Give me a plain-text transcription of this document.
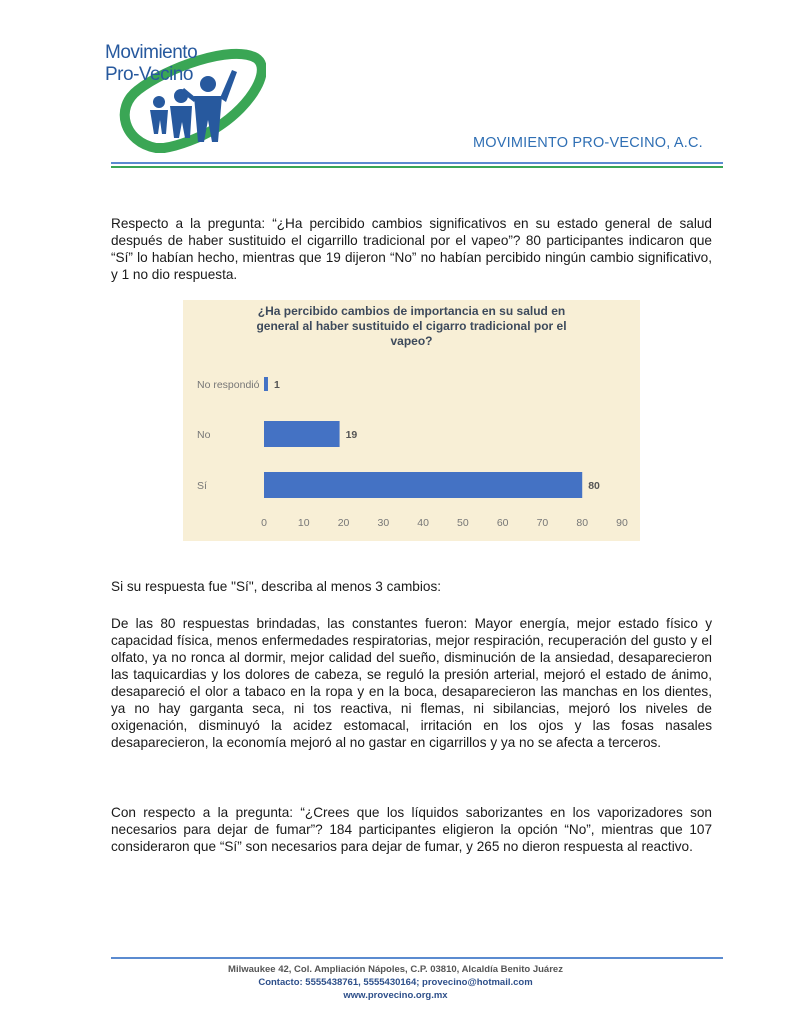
Movimiento
Pro-Vecino
MOVIMIENTO PRO-VECINO, A.C.
Respecto a la pregunta: “¿Ha percibido cambios significativos en su estado general de salud después de haber sustituido el cigarrillo tradicional por el vapeo”? 80 participantes indicaron que “Sí” lo habían hecho, mientras que 19 dijeron “No” no habían percibido ningún cambio significativo, y 1 no dio respuesta.
¿Ha percibido cambios de importancia en su salud en
general al haber sustituido el cigarro tradicional por el
vapeo?
No respondió 1
No	19
Sí	80
0	10	20	30	40	50	60	70	80	90
Si su respuesta fue "Sí", describa al menos 3 cambios:
De las 80 respuestas brindadas, las constantes fueron: Mayor energía, mejor estado físico y capacidad física, menos enfermedades respiratorias, mejor respiración, recuperación del gusto y el olfato, ya no ronca al dormir, mejor calidad del sueño, disminución de la ansiedad, desaparecieron las taquicardias y los dolores de cabeza, se reguló la presión arterial, mejoró el estado de ánimo, desapareció el olor a tabaco en la ropa y en la boca, desaparecieron las manchas en los dientes, ya no hay garganta seca, ni tos reactiva, ni flemas, ni sibilancias, mejoró los niveles de oxigenación, disminuyó la acidez estomacal, irritación en los ojos y las fosas nasales desaparecieron, la economía mejoró al no gastar en cigarrillos y ya no se afecta a terceros.
Con respecto a la pregunta: “¿Crees que los líquidos saborizantes en los vaporizadores son necesarios para dejar de fumar”? 184 participantes eligieron la opción “No”, mientras que 107 consideraron que “Sí” son necesarios para dejar de fumar, y 265 no dieron respuesta al reactivo.
Milwaukee 42, Col. Ampliación Nápoles, C.P. 03810, Alcaldía Benito Juárez
Contacto: 5555438761, 5555430164; provecino@hotmail.com
www.provecino.org.mx
